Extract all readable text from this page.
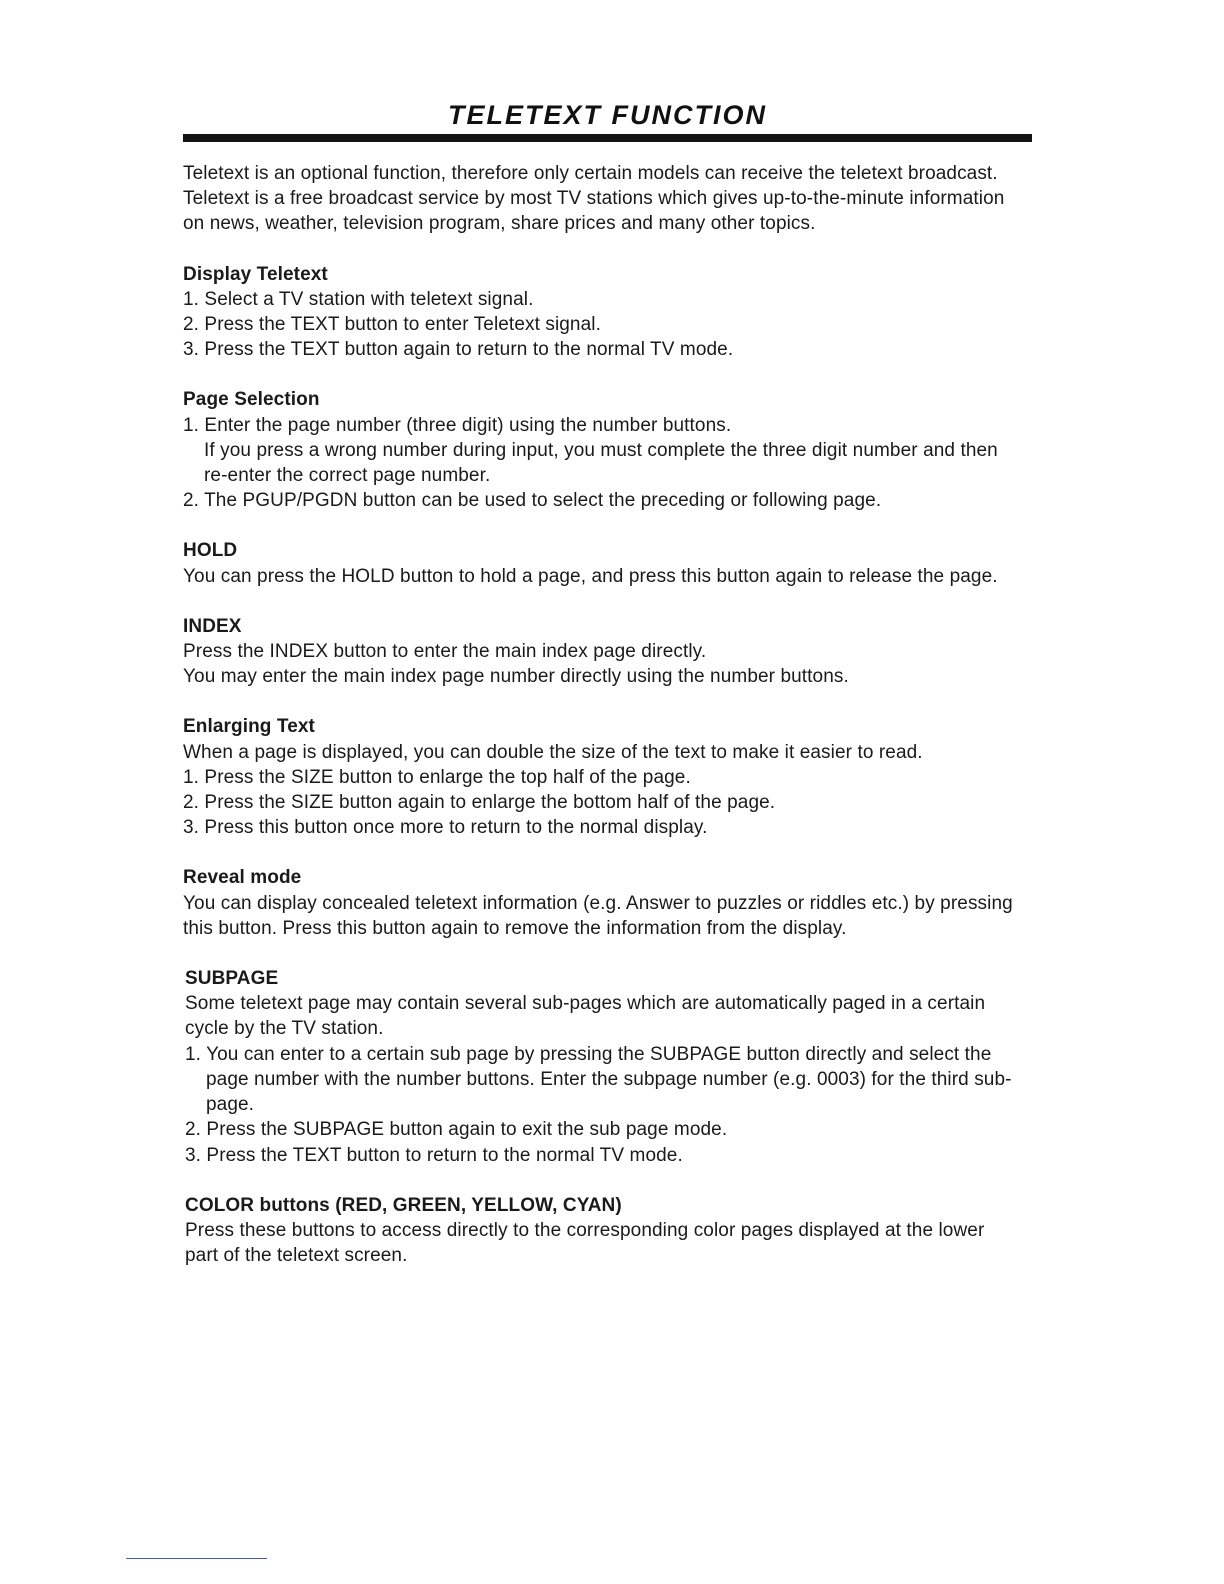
TELETEXT FUNCTION

Teletext is an optional function, therefore only certain models can receive the teletext broadcast.

Teletext is a free broadcast service by most TV stations which gives up-to-the-minute information

on news, weather, television program, share prices and many other topics.

Display Teletext

1. Select a TV station with teletext signal.

2. Press the TEXT button to enter Teletext signal.

3. Press the TEXT button again to return to the normal TV mode.

Page Selection

1. Enter the page number (three digit) using the number buttons.

If you press a wrong number during input, you must complete the three digit number and then

re-enter the correct page number.

2. The PGUP/PGDN button can be used to select the preceding or following page.

HOLD

You can press the HOLD button to hold a page, and press this button again to release the page.

INDEX

Press the INDEX button to enter the main index page directly.

You may enter the main index page number directly using the number buttons.

Enlarging Text

When a page is displayed, you can double the size of the text to make it easier to read.

1. Press the SIZE button to enlarge the top half of the page.

2. Press the SIZE button again to enlarge the bottom half of the page.

3. Press this button once more to return to the normal display.

Reveal mode

You can display concealed teletext information (e.g. Answer to puzzles or riddles etc.) by pressing

this button. Press this button again to remove the information from the display.

SUBPAGE

Some teletext page may contain several sub-pages which are automatically paged in a certain

cycle by the TV station.

1. You can enter to a certain sub page by pressing the SUBPAGE button directly and select the

page number with the number buttons. Enter the subpage number (e.g. 0003) for the third sub-

page.

2. Press the SUBPAGE button again to exit the sub page mode.

3. Press the TEXT button to return to the normal TV mode.

COLOR buttons (RED, GREEN, YELLOW, CYAN)

Press these buttons to access directly to the corresponding color pages displayed at the lower

part of the teletext screen.
